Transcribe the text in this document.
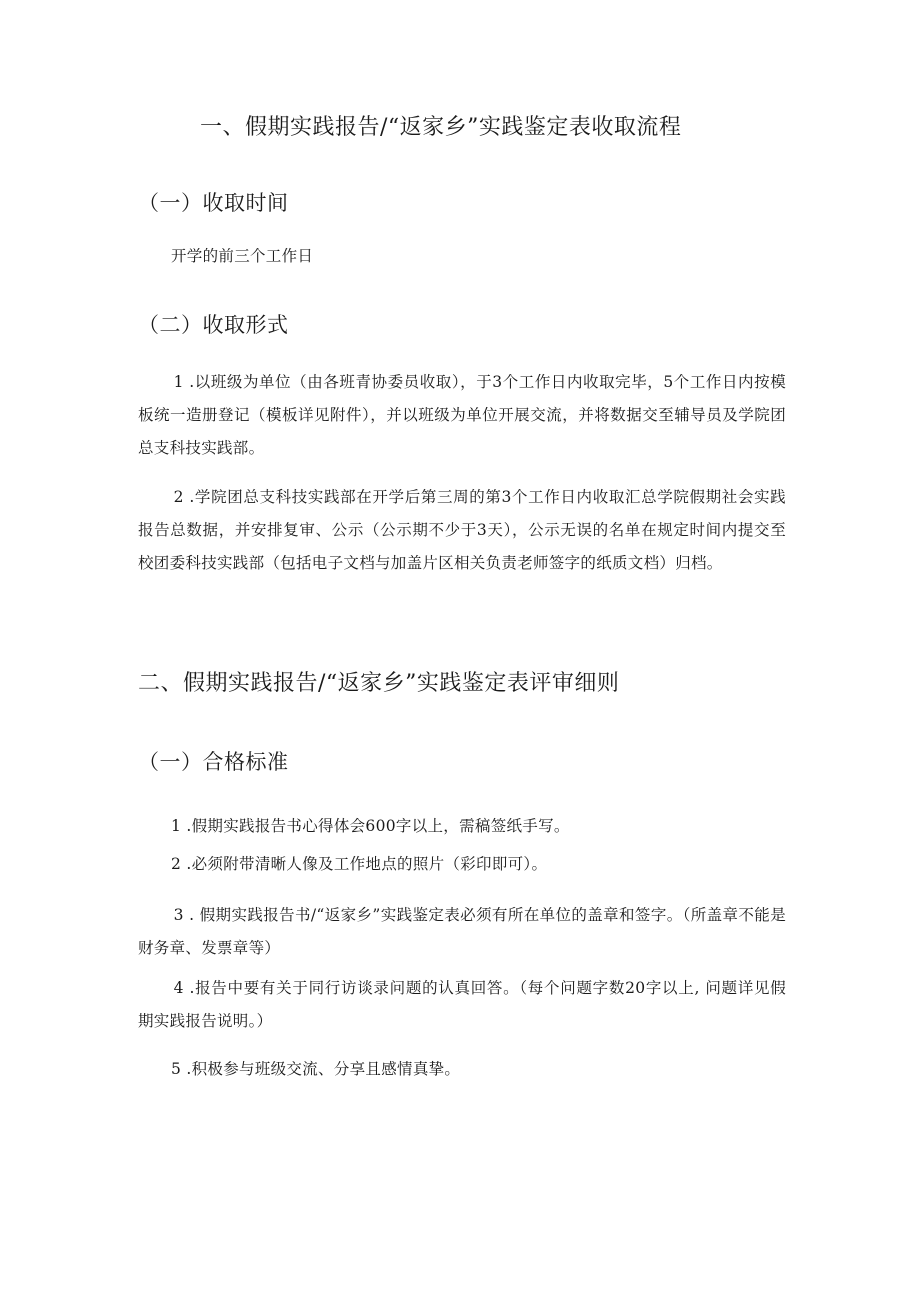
一、假期实践报告/“返家乡”实践鉴定表收取流程
（一）收取时间
开学的前三个工作日
（二）收取形式
1 .以班级为单位（由各班青协委员收取），于3个工作日内收取完毕，5个工作日内按模板统一造册登记（模板详见附件），并以班级为单位开展交流，并将数据交至辅导员及学院团总支科技实践部。
2 .学院团总支科技实践部在开学后第三周的第3个工作日内收取汇总学院假期社会实践报告总数据，并安排复审、公示（公示期不少于3天），公示无误的名单在规定时间内提交至校团委科技实践部（包括电子文档与加盖片区相关负责老师签字的纸质文档）归档。
二、假期实践报告/“返家乡”实践鉴定表评审细则
（一）合格标准
1 .假期实践报告书心得体会600字以上，需稿签纸手写。
2 .必须附带清晰人像及工作地点的照片（彩印即可）。
3 . 假期实践报告书/“返家乡”实践鉴定表必须有所在单位的盖章和签字。（所盖章不能是财务章、发票章等）
4 .报告中要有关于同行访谈录问题的认真回答。（每个问题字数20字以上, 问题详见假期实践报告说明。）
5 .积极参与班级交流、分享且感情真挚。
